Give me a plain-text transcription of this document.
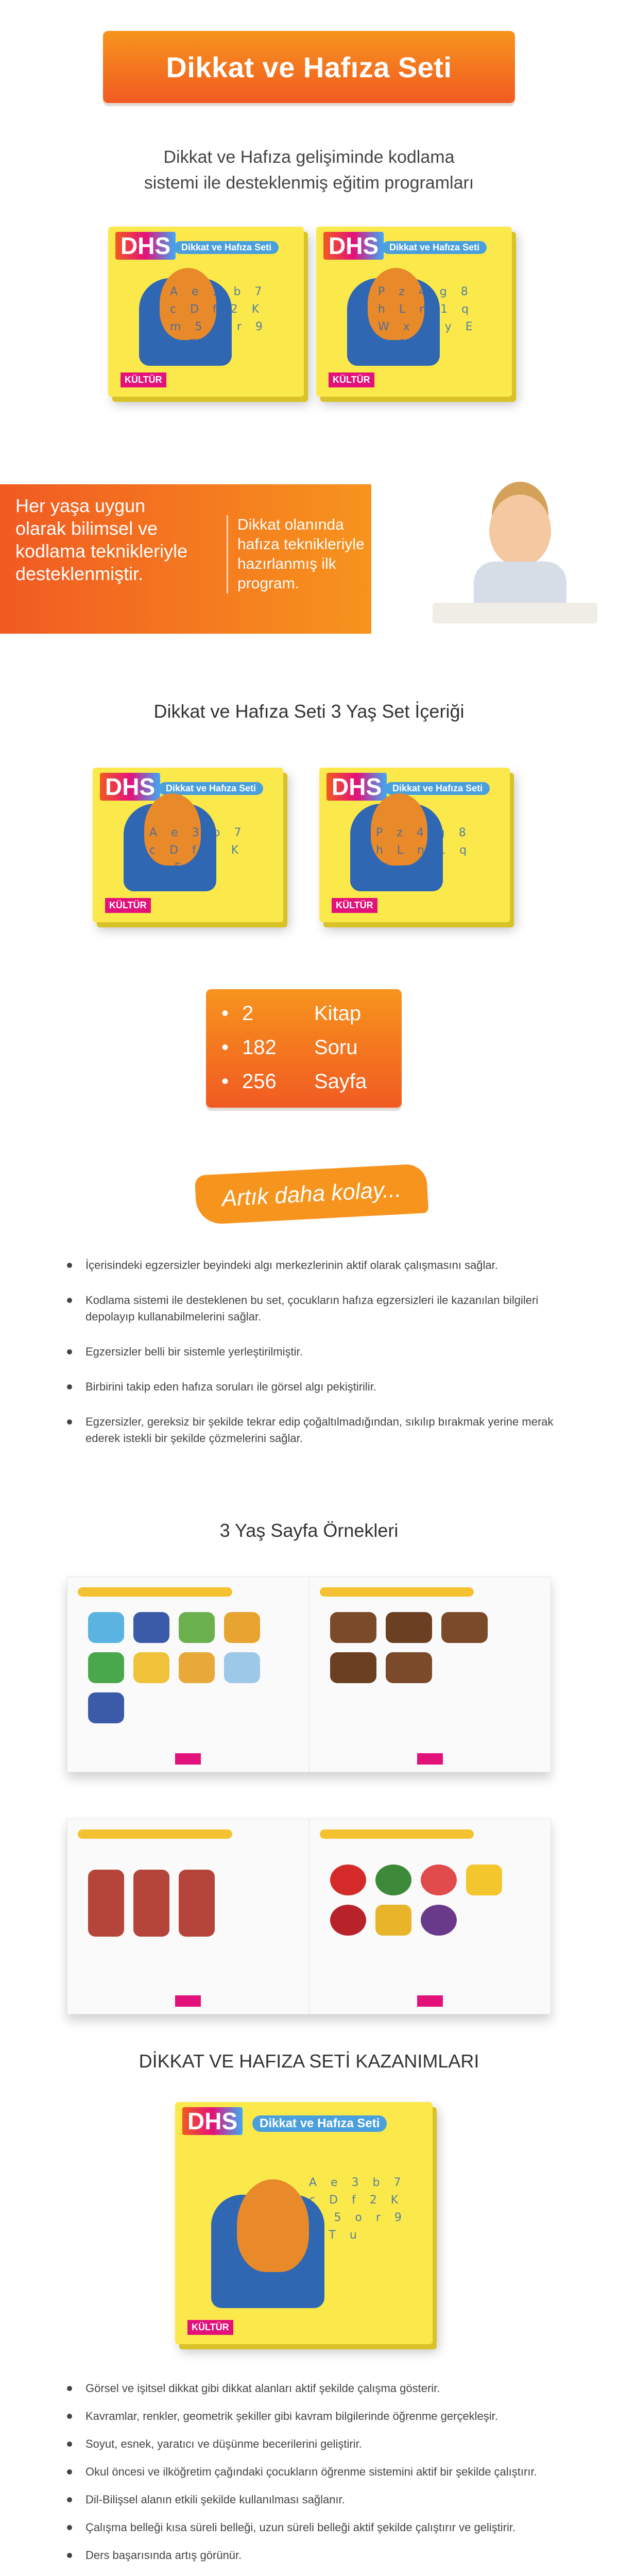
Dikkat ve Hafıza Seti
Dikkat ve Hafıza gelişiminde kodlama
sistemi ile desteklenmiş eğitim programları
DHS	Dikkat ve Hafıza Seti
A e 3 b 7 c D f 2 K m 5 o r 9 s T u
KÜLTÜR
DHS	Dikkat ve Hafıza Seti
P z 4 g 8 h L n 1 q W x 6 y E v 0 j
KÜLTÜR
Her yaşa uygun olarak bilimsel ve kodlama teknikleriyle desteklenmiştir.
Dikkat olanında hafıza teknikleriyle hazırlanmış ilk program.
Dikkat ve Hafıza Seti 3 Yaş Set İçeriği
DHS	Dikkat ve Hafıza Seti
A e 3 b 7 c D f 2 K m 5
KÜLTÜR
DHS	Dikkat ve Hafıza Seti
P z 4 g 8 h L n 1 q W x
KÜLTÜR
• 2	Kitap
• 182	Soru
• 256	Sayfa
Artık daha kolay...
İçerisindeki egzersizler beyindeki algı merkezlerinin aktif olarak çalışmasını sağlar.
Kodlama sistemi ile desteklenen bu set, çocukların hafıza egzersizleri ile kazanılan bilgileri depolayıp kullanabilmelerini sağlar.
Egzersizler belli bir sistemle yerleştirilmiştir.
Birbirini takip eden hafıza soruları ile görsel algı pekiştirilir.
Egzersizler, gereksiz bir şekilde tekrar edip çoğaltılmadığından, sıkılıp bırakmak yerine merak ederek istekli bir şekilde çözmelerini sağlar.
3 Yaş Sayfa Örnekleri
DİKKAT VE HAFIZA SETİ KAZANIMLARI
DHS	Dikkat ve Hafıza Seti
A e 3 b 7 c D f 2 K m 5 o r 9 s T u
KÜLTÜR
Görsel ve işitsel dikkat gibi dikkat alanları aktif şekilde çalışma gösterir.
Kavramlar, renkler, geometrik şekiller gibi kavram bilgilerinde öğrenme gerçekleşir.
Soyut, esnek, yaratıcı ve düşünme becerilerini geliştirir.
Okul öncesi ve ilköğretim çağındaki çocukların öğrenme sistemini aktif bir şekilde çalıştırır.
Dil-Bilişsel alanın etkili şekilde kullanılması sağlanır.
Çalışma belleği kısa süreli belleği, uzun süreli belleği aktif şekilde çalıştırır ve geliştirir.
Ders başarısında artış görünür.
